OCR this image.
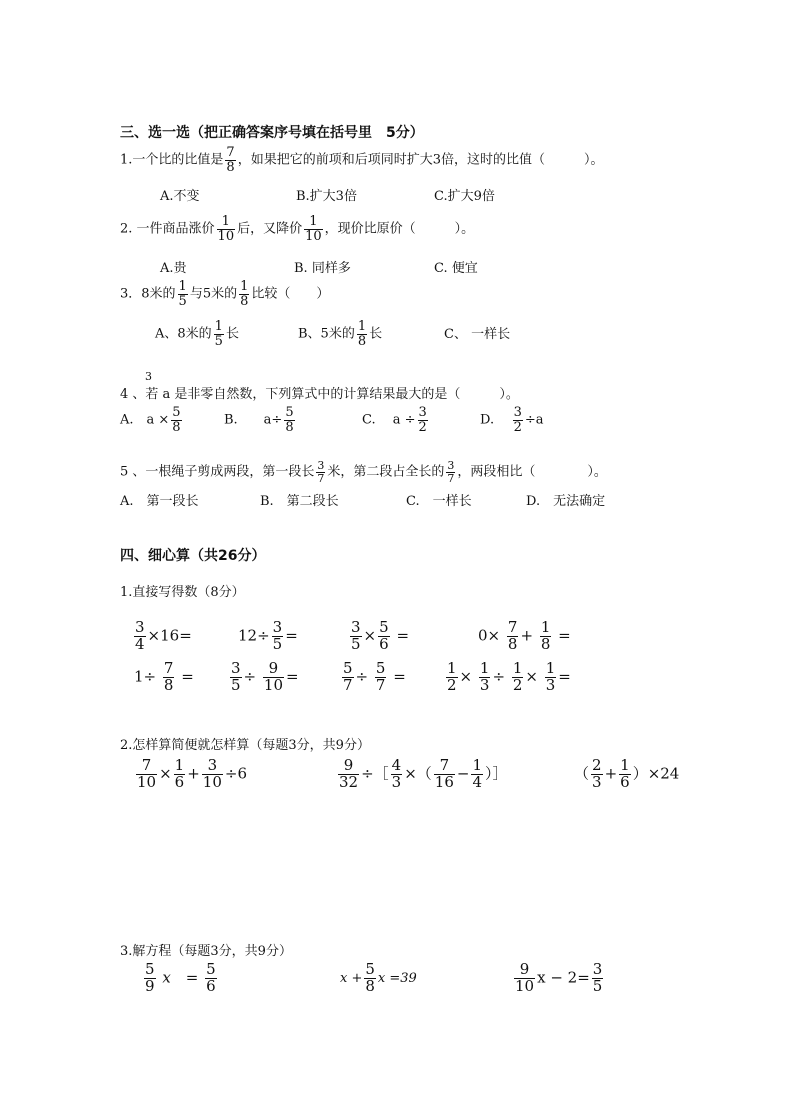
三、选一选（把正确答案序号填在括号里　5分）
1.一个比的比值是 $\frac{7}{8}$ ，如果把它的前项和后项同时扩大3倍，这时的比值（　　　）。
A.不变	B.扩大3倍	C.扩大9倍
2. 一件商品涨价 $\frac{1}{10}$ 后，又降价 $\frac{1}{10}$ ，现价比原价（　　　）。
A.贵	B. 同样多	C. 便宜
3．8米的 $\frac{1}{5}$ 与5米的 $\frac{1}{8}$ 比较（　　）
A、8米的 $\frac{1}{5}$ 长	B、5米的 $\frac{1}{8}$ 长	C、 一样长
3
4 、若 a 是非零自然数，下列算式中的计算结果最大的是（　　　）。
A.　$a \times \frac{5}{8}$	B.　　$a\div \frac{5}{8}$	C.　 $a \div \frac{3}{2}$	D. $\frac{3}{2} \div a$
5 、一根绳子剪成两段，第一段长 $\frac{3}{7}$ 米，第二段占全长的 $\frac{3}{7}$ ，两段相比（　　　　）。
A.　第一段长	B.　第二段长	C.　一样长	D.　无法确定
四、细心算（共26分）
1.直接写得数（8分）
$\frac{3}{4} \times 16=$	$12\div \frac{3}{5}$ =	$\frac{3}{5} \times \frac{5}{6}$ =	$0\times \frac{7}{8} + \frac{1}{8}$ =
$1\div \frac{7}{8} = \frac{3}{5} \div \frac{9}{10}$ =	$\frac{5}{7} \div \frac{5}{7}$ =	$\frac{1}{2} \times \frac{1}{3} \div \frac{1}{2} \times \frac{1}{3}$ =
2.怎样算简便就怎样算（每题3分，共9分）
$\frac{7}{10} \times \frac{1}{6} + \frac{3}{10} \div 6$	$\frac{9}{32}$ ÷［ $\frac{4}{3}$ ×（ $\frac{7}{16} - \frac{1}{4}$ ）］	（ $\frac{2}{3} + \frac{1}{6} )\times 24$
3.解方程（每题3分，共9分）
$\frac{5}{9}$ x　= $\frac{5}{6}$	$x + \frac{5}{8}$ x =39	$\frac{9}{10}$ $x - 2= \frac{3}{5}$
